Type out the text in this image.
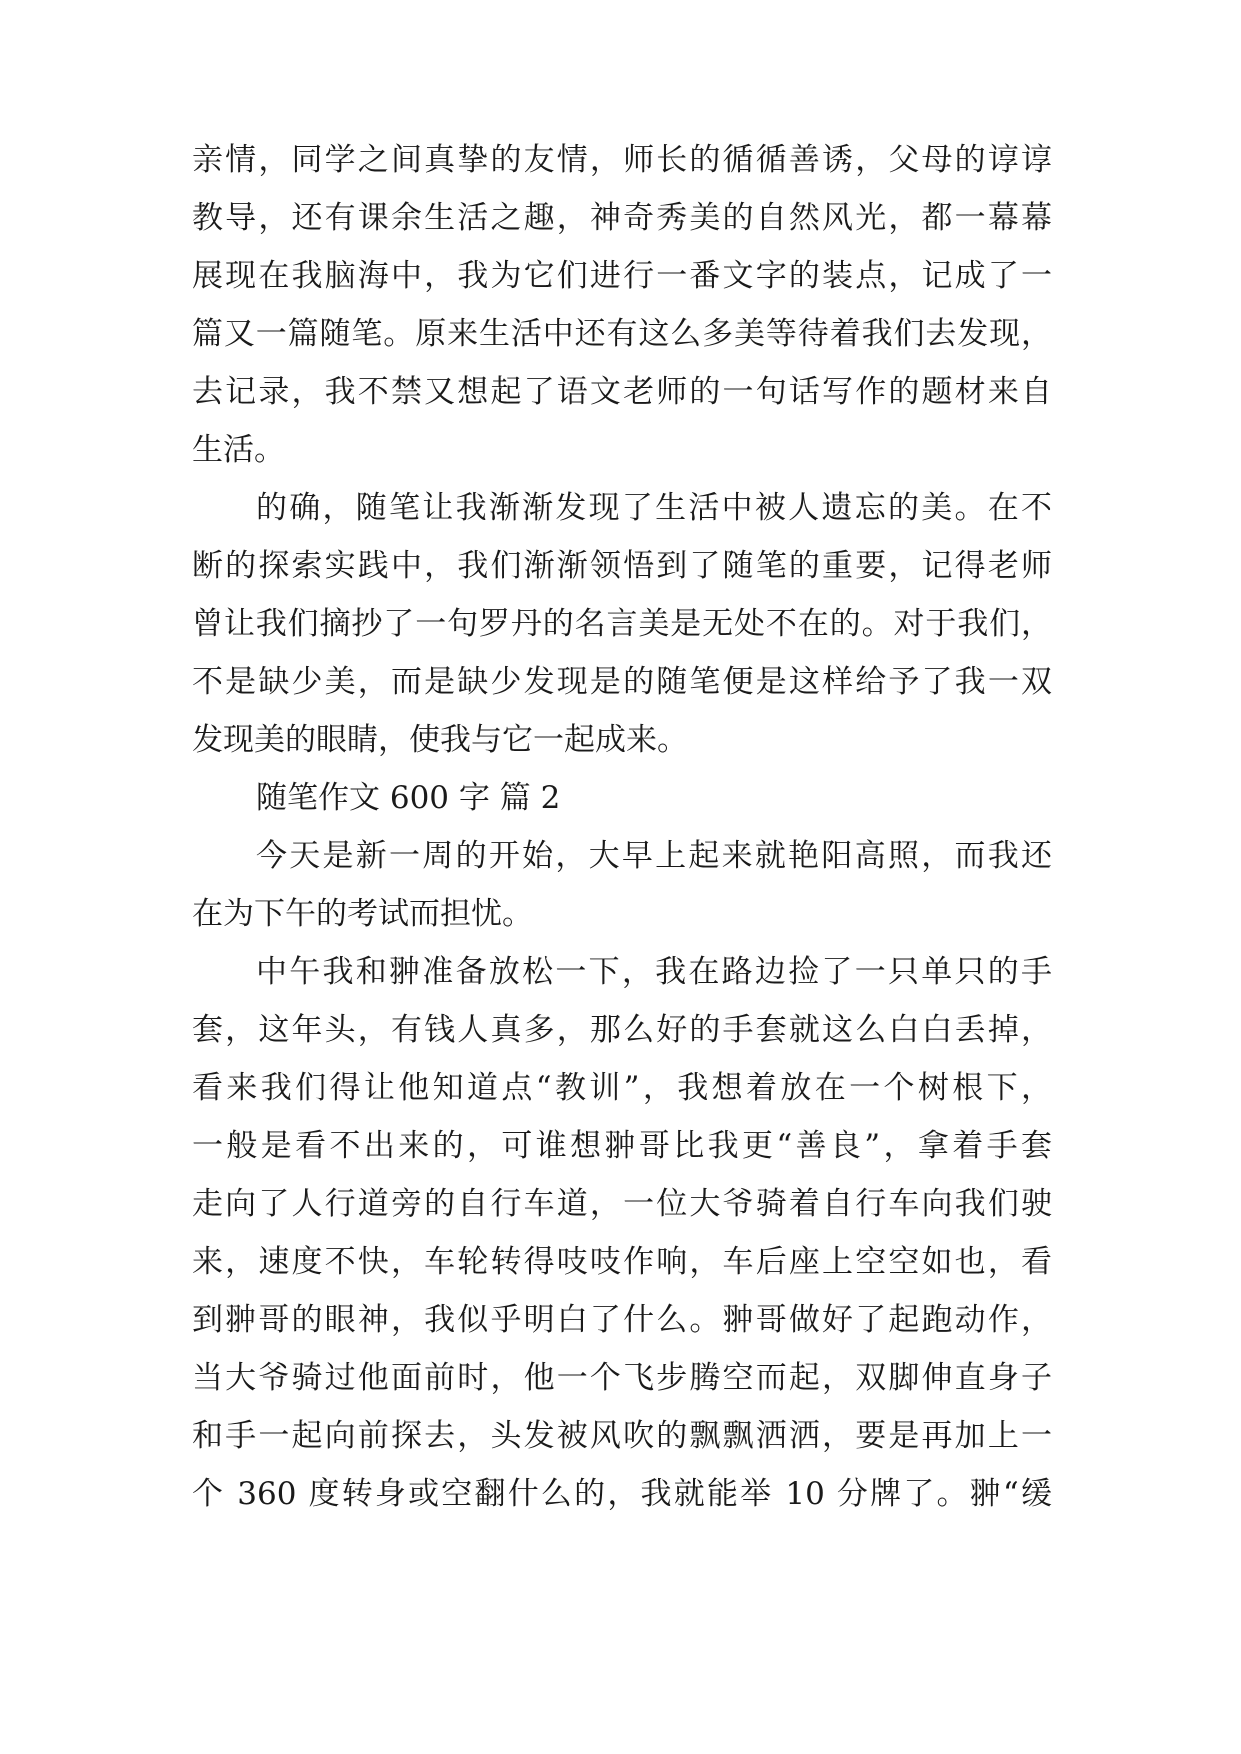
亲情，同学之间真挚的友情，师长的循循善诱，父母的谆谆
教导，还有课余生活之趣，神奇秀美的自然风光，都一幕幕
展现在我脑海中，我为它们进行一番文字的装点，记成了一
篇又一篇随笔。原来生活中还有这么多美等待着我们去发现，
去记录，我不禁又想起了语文老师的一句话写作的题材来自
生活。
的确，随笔让我渐渐发现了生活中被人遗忘的美。在不
断的探索实践中，我们渐渐领悟到了随笔的重要，记得老师
曾让我们摘抄了一句罗丹的名言美是无处不在的。对于我们，
不是缺少美，而是缺少发现是的随笔便是这样给予了我一双
发现美的眼睛，使我与它一起成来。
随笔作文 600 字 篇 2
今天是新一周的开始，大早上起来就艳阳高照，而我还
在为下午的考试而担忧。
中午我和翀准备放松一下，我在路边捡了一只单只的手
套，这年头，有钱人真多，那么好的手套就这么白白丢掉，
看来我们得让他知道点“教训”，我想着放在一个树根下，
一般是看不出来的，可谁想翀哥比我更“善良”，拿着手套
走向了人行道旁的自行车道，一位大爷骑着自行车向我们驶
来，速度不快，车轮转得吱吱作响，车后座上空空如也，看
到翀哥的眼神，我似乎明白了什么。翀哥做好了起跑动作，
当大爷骑过他面前时，他一个飞步腾空而起，双脚伸直身子
和手一起向前探去，头发被风吹的飘飘洒洒，要是再加上一
个 360 度转身或空翻什么的，我就能举 10 分牌了。翀“缓
